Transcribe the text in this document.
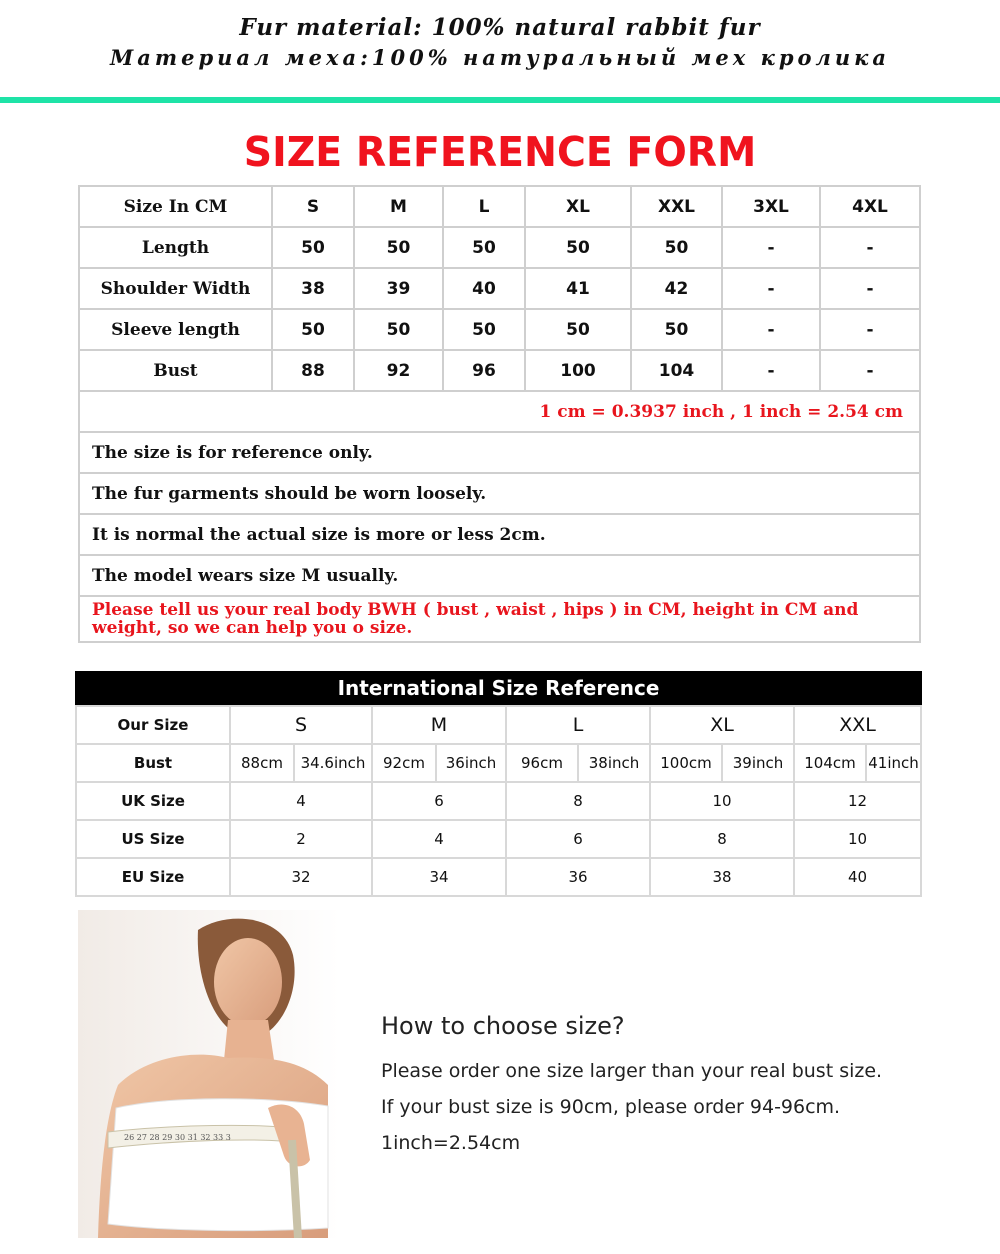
Fur material: 100% natural rabbit fur
Материал меха:100% натуральный мех кролика
SIZE REFERENCE FORM
Size In CM	S	M	L	XL	XXL	3XL	4XL
Length	50	50	50	50	50	-	-
Shoulder Width	38	39	40	41	42	-	-
Sleeve length	50	50	50	50	50	-	-
Bust	88	92	96	100	104	-	-
1 cm = 0.3937 inch , 1 inch = 2.54 cm							
The size is for reference only.							
The fur garments should be worn loosely.							
It is normal the actual size is more or less 2cm.							
The model wears size M usually.							
Please tell us your real body BWH ( bust , waist , hips ) in CM, height in CM and weight, so we can help you o size.							
International Size Reference
Our Size	S		M		L		XL		XXL	
Bust	88cm	34.6inch	92cm	36inch	96cm	38inch	100cm	39inch	104cm	41inch
UK Size	4		6		8		10		12	
US Size	2		4		6		8		10	
EU Size	32		34		36		38		40	
26 27 28 29 30 31 32 33 3
How to choose size?
Please order one size larger than your real bust size.
If your bust size is 90cm, please order 94-96cm.
1inch=2.54cm
